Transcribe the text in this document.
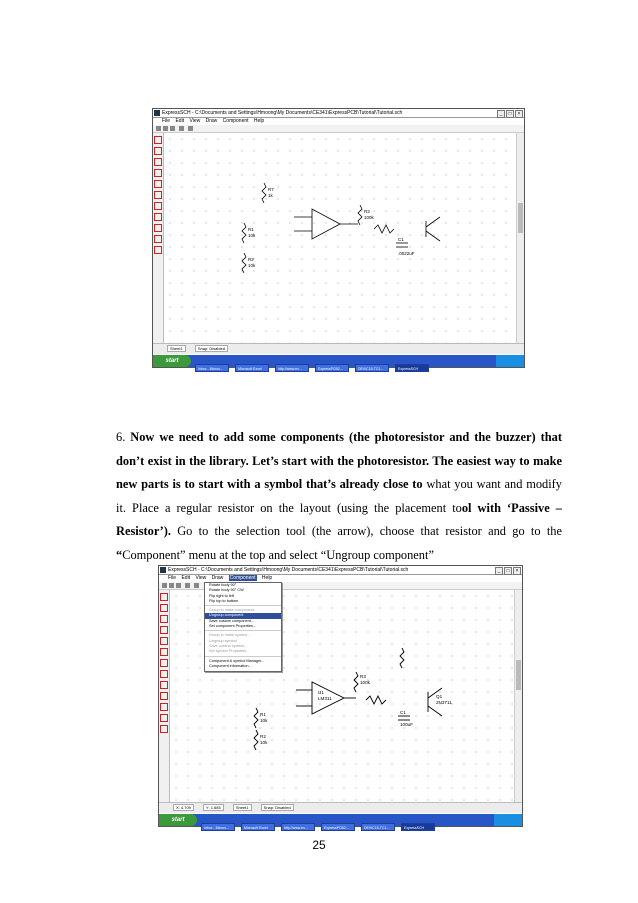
ExpressSCH - C:\Documents and Settings\Hmoong\My Documents\CE341\ExpressPCB\Tutorial\Tutorial.sch	_ □ ×
File Edit View Draw Component Help
R7
1k
R3
100k
R1
10k
R2
10k
C1
.0022uF
Sheet1	Snap: Disabled
start
Inbox - Micros...	Microsoft Excel	http://www.ex...	ExpressPCB2...	DEVIC15-TC1...	ExpressSCH
6. Now we need to add some components (the photoresistor and the buzzer) that
don’t exist in the library. Let’s start with the photoresistor. The easiest way to make
new parts is to start with a symbol that’s already close to what you want and modify
it. Place a regular resistor on the layout (using the placement tool with ‘Passive –
Resistor’). Go to the selection tool (the arrow), choose that resistor and go to the
“Component” menu at the top and select “Ungroup component”
ExpressSCH - C:\Documents and Settings\Hmoong\My Documents\CE341\ExpressPCB\Tutorial\Tutorial.sch	_ □ ×
File Edit View Draw Component Help
R3
100k
R1
10k
R2
10k
C1
100uF
Q1
2N3711
U1
LM311
Rotate body 90°
Rotate body 90° CW
Flip right to left
Flip top to bottom
Group to make component...
Ungroup component
Save custom component...
Set component Properties...
Group to make symbol...
Ungroup symbol
Save custom symbol...
Set symbol Properties...
Component & symbol Manager...
Component information...
X: 4.709	Y: 1.685	Sheet1	Snap: Disabled
start
Inbox - Micros...	Microsoft Excel	http://www.ex...	ExpressPCB2...	DEVIC15-TC1...	ExpressSCH
25
